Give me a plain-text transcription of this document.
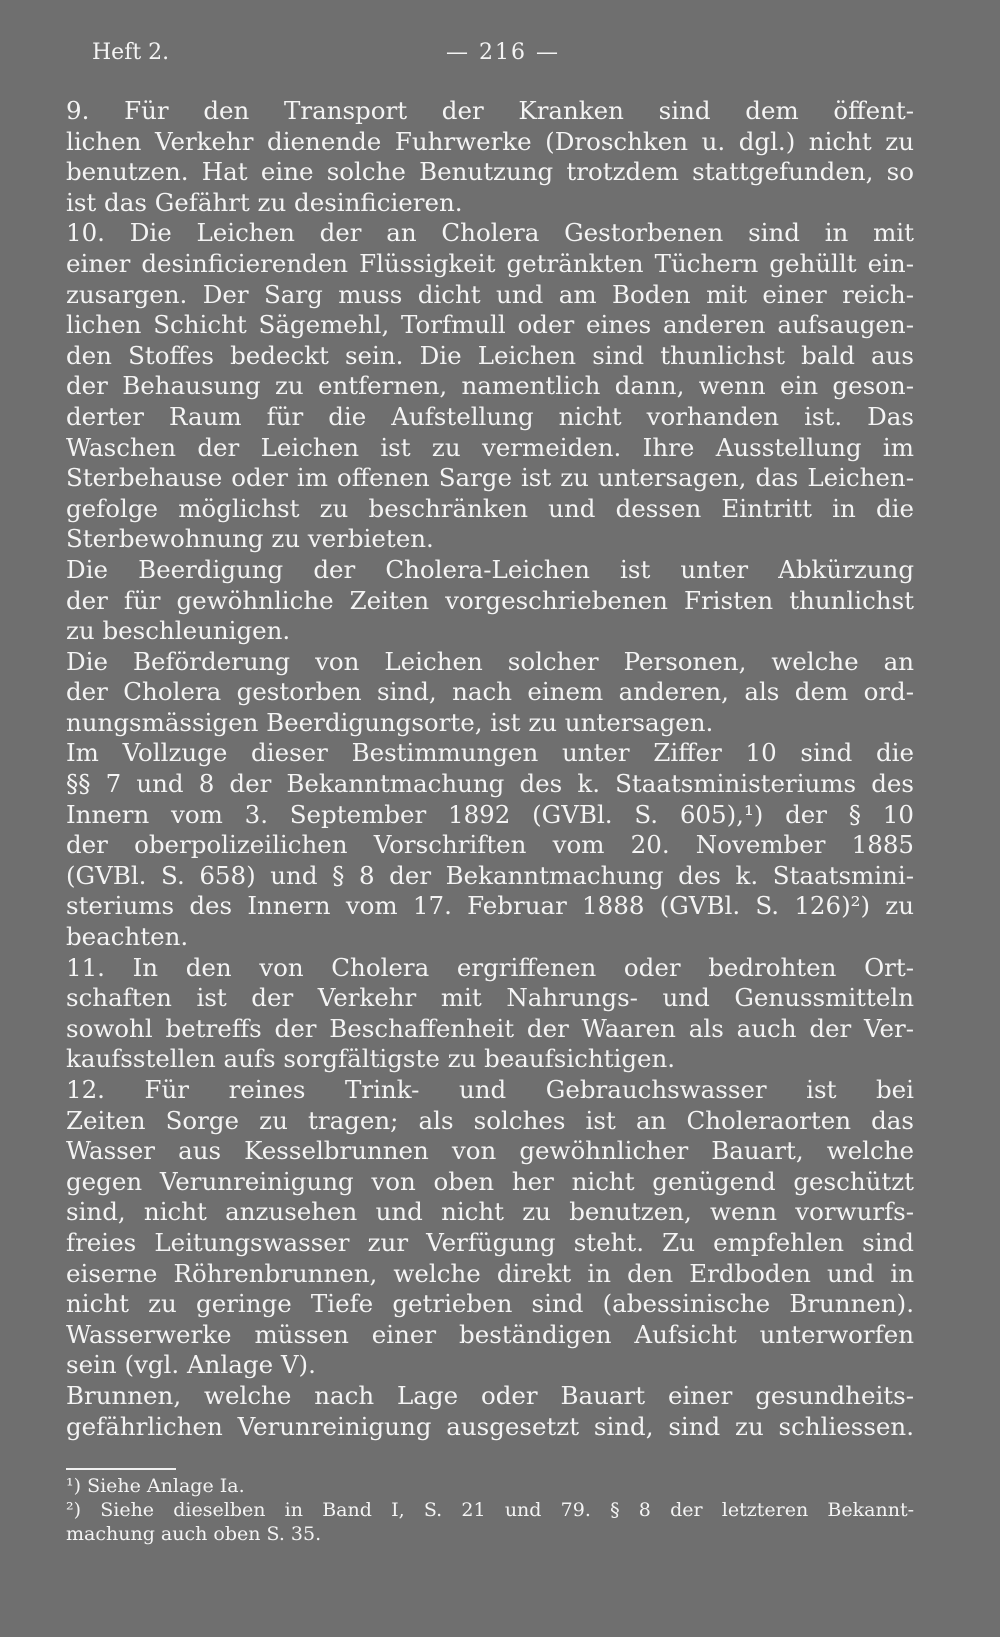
Heft 2.	— 216 —
9. Für den Transport der Kranken sind dem öffent-
lichen Verkehr dienende Fuhrwerke (Droschken u. dgl.) nicht zu
benutzen. Hat eine solche Benutzung trotzdem stattgefunden, so
ist das Gefährt zu desinficieren.
10. Die Leichen der an Cholera Gestorbenen sind in mit
einer desinficierenden Flüssigkeit getränkten Tüchern gehüllt ein-
zusargen. Der Sarg muss dicht und am Boden mit einer reich-
lichen Schicht Sägemehl, Torfmull oder eines anderen aufsaugen-
den Stoffes bedeckt sein. Die Leichen sind thunlichst bald aus
der Behausung zu entfernen, namentlich dann, wenn ein geson-
derter Raum für die Aufstellung nicht vorhanden ist. Das
Waschen der Leichen ist zu vermeiden. Ihre Ausstellung im
Sterbehause oder im offenen Sarge ist zu untersagen, das Leichen-
gefolge möglichst zu beschränken und dessen Eintritt in die
Sterbewohnung zu verbieten.
Die Beerdigung der Cholera-Leichen ist unter Abkürzung
der für gewöhnliche Zeiten vorgeschriebenen Fristen thunlichst
zu beschleunigen.
Die Beförderung von Leichen solcher Personen, welche an
der Cholera gestorben sind, nach einem anderen, als dem ord-
nungsmässigen Beerdigungsorte, ist zu untersagen.
Im Vollzuge dieser Bestimmungen unter Ziffer 10 sind die
§§ 7 und 8 der Bekanntmachung des k. Staatsministeriums des
Innern vom 3. September 1892 (GVBl. S. 605),¹) der § 10
der oberpolizeilichen Vorschriften vom 20. November 1885
(GVBl. S. 658) und § 8 der Bekanntmachung des k. Staatsmini-
steriums des Innern vom 17. Februar 1888 (GVBl. S. 126)²) zu
beachten.
11. In den von Cholera ergriffenen oder bedrohten Ort-
schaften ist der Verkehr mit Nahrungs- und Genussmitteln
sowohl betreffs der Beschaffenheit der Waaren als auch der Ver-
kaufsstellen aufs sorgfältigste zu beaufsichtigen.
12. Für reines Trink- und Gebrauchswasser ist bei
Zeiten Sorge zu tragen; als solches ist an Choleraorten das
Wasser aus Kesselbrunnen von gewöhnlicher Bauart, welche
gegen Verunreinigung von oben her nicht genügend geschützt
sind, nicht anzusehen und nicht zu benutzen, wenn vorwurfs-
freies Leitungswasser zur Verfügung steht. Zu empfehlen sind
eiserne Röhrenbrunnen, welche direkt in den Erdboden und in
nicht zu geringe Tiefe getrieben sind (abessinische Brunnen).
Wasserwerke müssen einer beständigen Aufsicht unterworfen
sein (vgl. Anlage V).
Brunnen, welche nach Lage oder Bauart einer gesundheits-
gefährlichen Verunreinigung ausgesetzt sind, sind zu schliessen.
¹) Siehe Anlage Ia.
²) Siehe dieselben in Band I, S. 21 und 79. § 8 der letzteren Bekannt-
machung auch oben S. 35.
